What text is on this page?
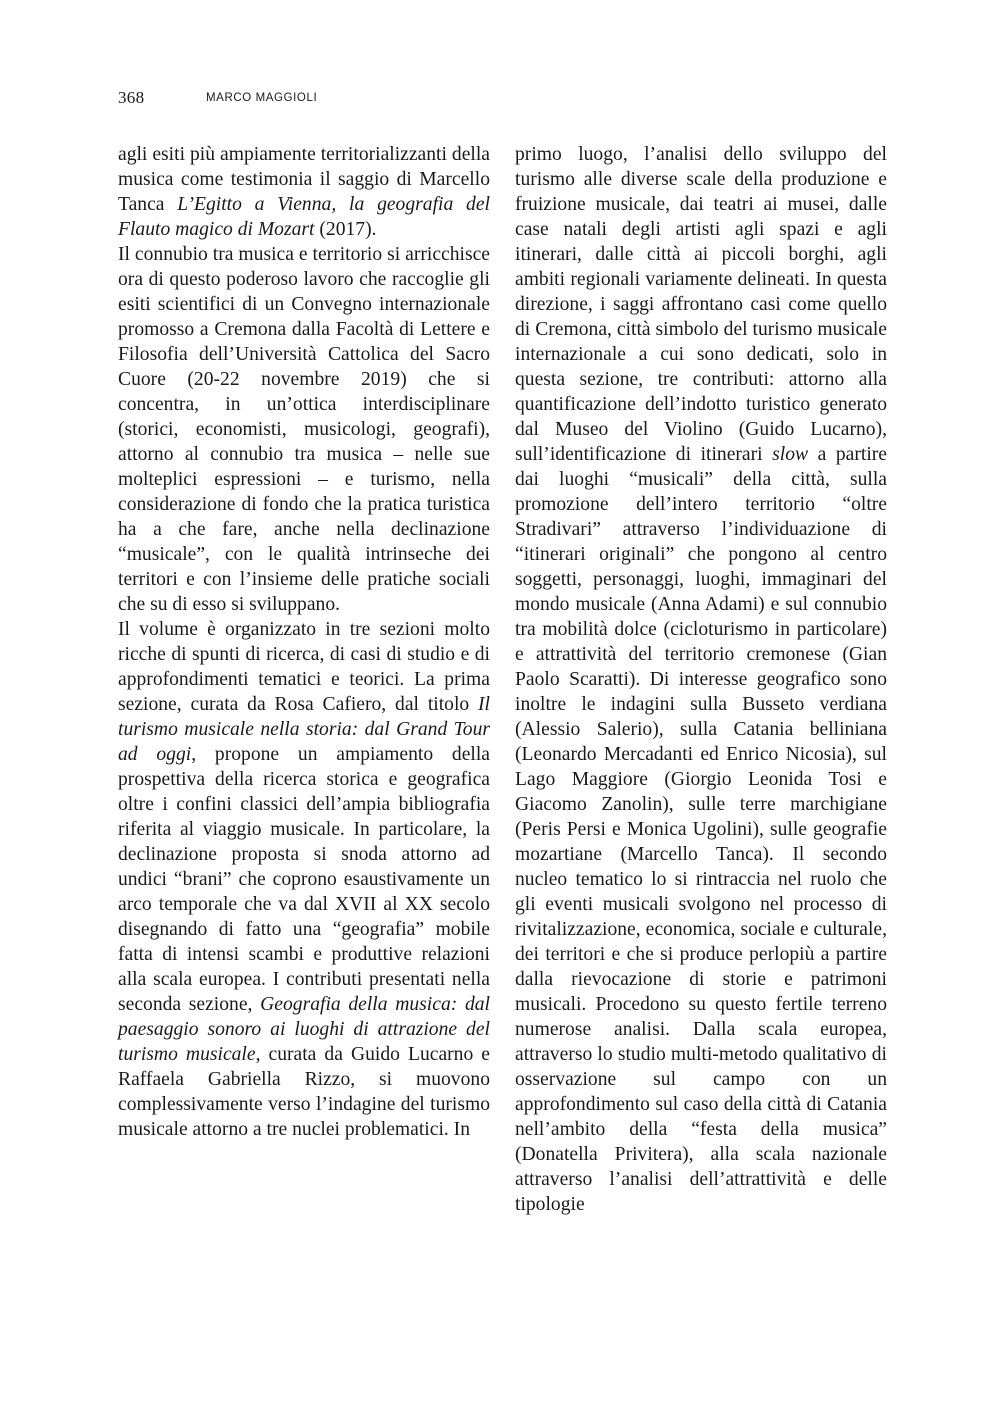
368	MARCO MAGGIOLI

agli esiti più ampiamente territorializzanti della musica come testimonia il saggio di Marcello Tanca L’Egitto a Vienna, la geografia del Flauto magico di Mozart (2017).

Il connubio tra musica e territorio si arricchisce ora di questo poderoso lavoro che raccoglie gli esiti scientifici di un Convegno internazionale promosso a Cremona dalla Facoltà di Lettere e Filosofia dell’Università Cattolica del Sacro Cuore (20-22 novembre 2019) che si concentra, in un’ottica interdisciplinare (storici, economisti, musicologi, geografi), attorno al connubio tra musica – nelle sue molteplici espressioni – e turismo, nella considerazione di fondo che la pratica turistica ha a che fare, anche nella declinazione “musicale”, con le qualità intrinseche dei territori e con l’insieme delle pratiche sociali che su di esso si sviluppano.

Il volume è organizzato in tre sezioni molto ricche di spunti di ricerca, di casi di studio e di approfondimenti tematici e teorici. La prima sezione, curata da Rosa Cafiero, dal titolo Il turismo musicale nella storia: dal Grand Tour ad oggi, propone un ampiamento della prospettiva della ricerca storica e geografica oltre i confini classici dell’ampia bibliografia riferita al viaggio musicale. In particolare, la declinazione proposta si snoda attorno ad undici “brani” che coprono esaustivamente un arco temporale che va dal XVII al XX secolo disegnando di fatto una “geografia” mobile fatta di intensi scambi e produttive relazioni alla scala europea. I contributi presentati nella seconda sezione, Geografia della musica: dal paesaggio sonoro ai luoghi di attrazione del turismo musicale, curata da Guido Lucarno e Raffaela Gabriella Rizzo, si muovono complessivamente verso l’indagine del turismo musicale attorno a tre nuclei problematici. In

primo luogo, l’analisi dello sviluppo del turismo alle diverse scale della produzione e fruizione musicale, dai teatri ai musei, dalle case natali degli artisti agli spazi e agli itinerari, dalle città ai piccoli borghi, agli ambiti regionali variamente delineati. In questa direzione, i saggi affrontano casi come quello di Cremona, città simbolo del turismo musicale internazionale a cui sono dedicati, solo in questa sezione, tre contributi: attorno alla quantificazione dell’indotto turistico generato dal Museo del Violino (Guido Lucarno), sull’identificazione di itinerari slow a partire dai luoghi “musicali” della città, sulla promozione dell’intero territorio “oltre Stradivari” attraverso l’individuazione di “itinerari originali” che pongono al centro soggetti, personaggi, luoghi, immaginari del mondo musicale (Anna Adami) e sul connubio tra mobilità dolce (cicloturismo in particolare) e attrattività del territorio cremonese (Gian Paolo Scaratti). Di interesse geografico sono inoltre le indagini sulla Busseto verdiana (Alessio Salerio), sulla Catania belliniana (Leonardo Mercadanti ed Enrico Nicosia), sul Lago Maggiore (Giorgio Leonida Tosi e Giacomo Zanolin), sulle terre marchigiane (Peris Persi e Monica Ugolini), sulle geografie mozartiane (Marcello Tanca). Il secondo nucleo tematico lo si rintraccia nel ruolo che gli eventi musicali svolgono nel processo di rivitalizzazione, economica, sociale e culturale, dei territori e che si produce perlopiù a partire dalla rievocazione di storie e patrimoni musicali. Procedono su questo fertile terreno numerose analisi. Dalla scala europea, attraverso lo studio multi-metodo qualitativo di osservazione sul campo con un approfondimento sul caso della città di Catania nell’ambito della “festa della musica” (Donatella Privitera), alla scala nazionale attraverso l’analisi dell’attrattività e delle tipologie
